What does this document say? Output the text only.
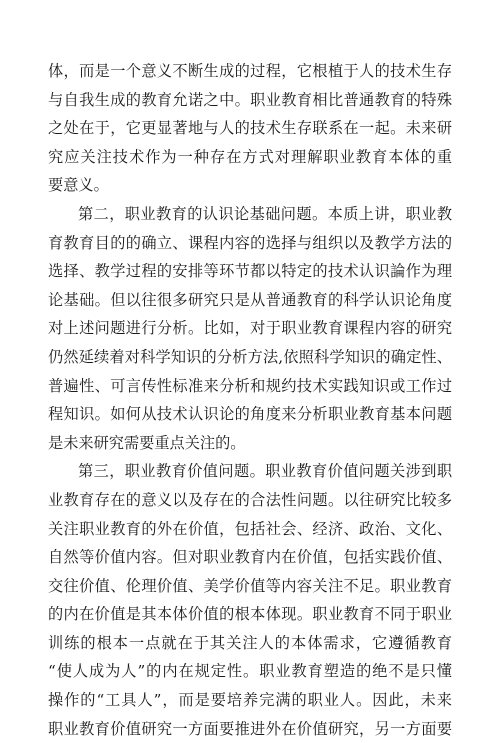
体，而是一个意义不断生成的过程，它根植于人的技术生存
与自我生成的教育允诺之中。职业教育相比普通教育的特殊
之处在于，它更显著地与人的技术生存联系在一起。未来研
究应关注技术作为一种存在方式对理解职业教育本体的重
要意义。
第二，职业教育的认识论基础问题。本质上讲，职业教
育教育目的的确立、课程内容的选择与组织以及教学方法的
选择、教学过程的安排等环节都以特定的技术认识論作为理
论基础。但以往很多研究只是从普通教育的科学认识论角度
对上述问题进行分析。比如，对于职业教育课程内容的研究
仍然延续着对科学知识的分析方法,依照科学知识的确定性、
普遍性、可言传性标准来分析和规约技术实践知识或工作过
程知识。如何从技术认识论的角度来分析职业教育基本问题
是未来研究需要重点关注的。
第三，职业教育价值问题。职业教育价值问题关涉到职
业教育存在的意义以及存在的合法性问题。以往研究比较多
关注职业教育的外在价值，包括社会、经济、政治、文化、
自然等价值内容。但对职业教育内在价值，包括实践价值、
交往价值、伦理价值、美学价值等内容关注不足。职业教育
的内在价值是其本体价值的根本体现。职业教育不同于职业
训练的根本一点就在于其关注人的本体需求，它遵循教育
“使人成为人”的内在规定性。职业教育塑造的绝不是只懂
操作的“工具人”，而是要培养完满的职业人。因此，未来
职业教育价值研究一方面要推进外在价值研究，另一方面要
